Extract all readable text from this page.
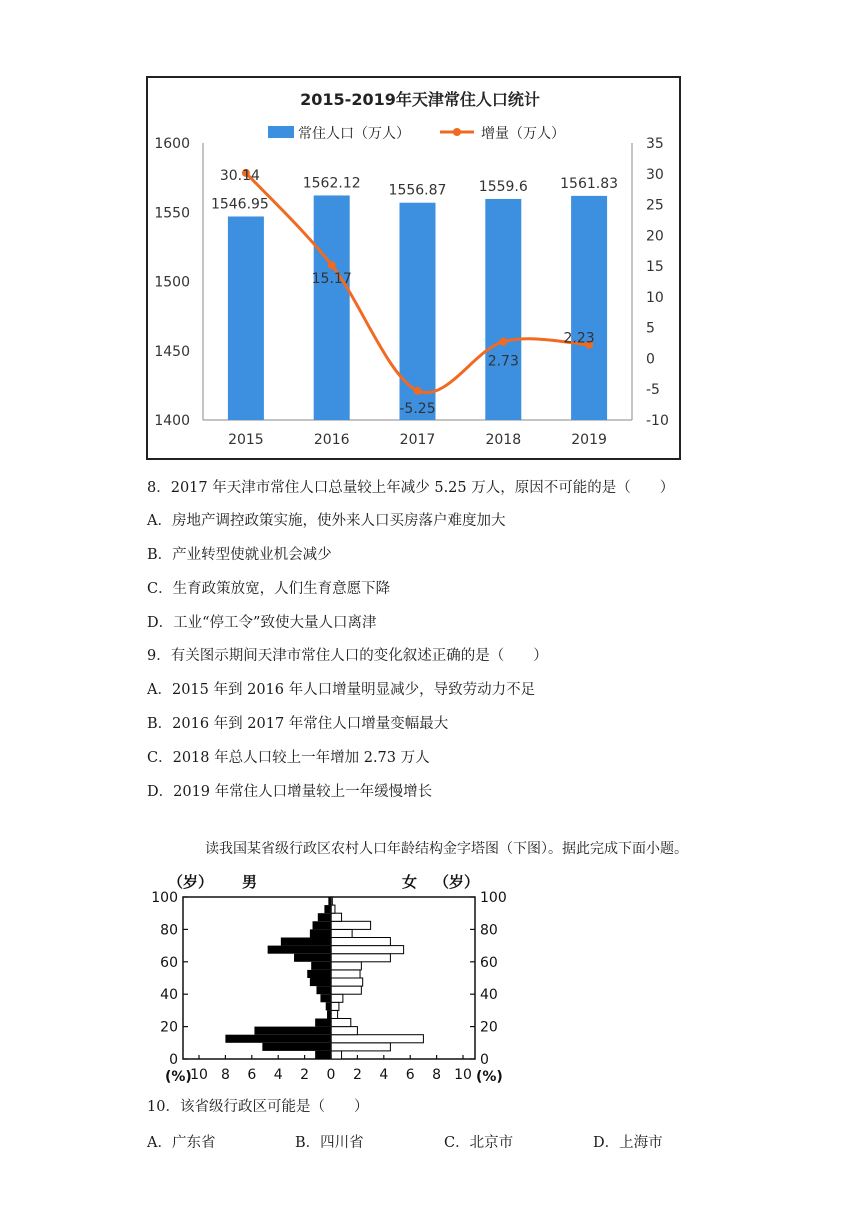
2015-2019年天津常住人口统计
常住人口（万人）	增量（万人）
1400
1450
1500
1550
1600
-10
-5
0
5
10
15
20
25
30
35
1546.95
1562.12 1556.87 1559.6 1561.83
30.14
15.17
-5.25
2.73
2.23
2015	2016	2017	2018	2019
8．2017 年天津市常住人口总量较上年减少 5.25 万人，原因不可能的是（　　）
A．房地产调控政策实施，使外来人口买房落户难度加大
B．产业转型使就业机会减少
C．生育政策放宽，人们生育意愿下降
D．工业“停工令”致使大量人口离津
9．有关图示期间天津市常住人口的变化叙述正确的是（　　）
A．2015 年到 2016 年人口增量明显减少，导致劳动力不足
B．2016 年到 2017 年常住人口增量变幅最大
C．2018 年总人口较上一年增加 2.73 万人
D．2019 年常住人口增量较上一年缓慢增长
读我国某省级行政区农村人口年龄结构金字塔图（下图）。据此完成下面小题。
（岁） 男	女 （岁）
0	0
20	20
40	40
60	60
80	80
100	100
10 8 6 4 2 0 2 4 6 8 10
(%)	(%)
10．该省级行政区可能是（　　）
A．广东省	B．四川省	C．北京市	D．上海市
